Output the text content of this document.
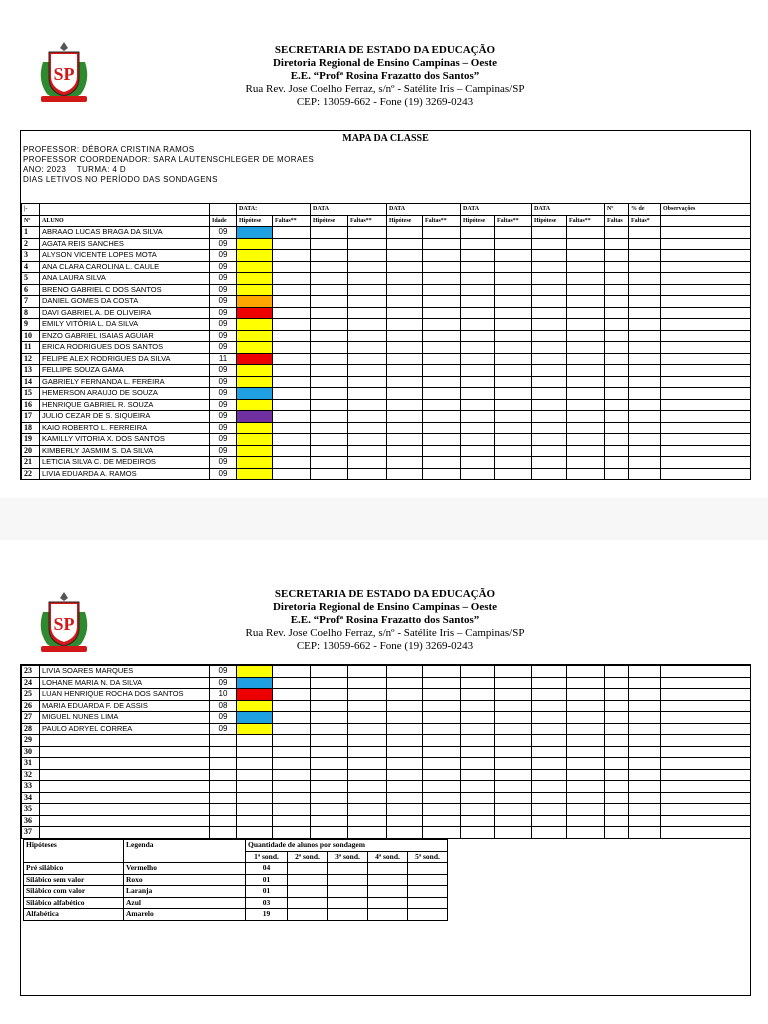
SP
SECRETARIA DE ESTADO DA EDUCAÇÃO
Diretoria Regional de Ensino Campinas – Oeste
E.E. “Profª Rosina Frazatto dos Santos”
Rua Rev. Jose Coelho Ferraz, s/nº - Satélite Iris – Campinas/SP
CEP: 13059-662 - Fone (19) 3269-0243
MAPA DA CLASSE
PROFESSOR: DÉBORA CRISTINA RAMOS
PROFESSOR COORDENADOR: SARA LAUTENSCHLEGER DE MORAES
ANO: 2023 TURMA: 4 D
DIAS LETIVOS NO PERÍODO DAS SONDAGENS
|-			DATA:		DATA		DATA		DATA		DATA		Nº	% de	Observações
Nº	ALUNO	Idade	Hipótese	Faltas**	Hipótese	Faltas**	Hipótese	Faltas**	Hipótese	Faltas**	Hipótese	Faltas**	Faltas	Faltas*	
1	ABRAAO LUCAS BRAGA DA SILVA	09													
2	AGATA REIS SANCHES	09													
3	ALYSON VICENTE LOPES MOTA	09													
4	ANA CLARA CAROLINA L. CAULE	09													
5	ANA LAURA SILVA	09													
6	BRENO GABRIEL C DOS SANTOS	09													
7	DANIEL GOMES DA COSTA	09													
8	DAVI GABRIEL A. DE OLIVEIRA	09													
9	EMILY VITÓRIA L. DA SILVA	09													
10	ENZO GABRIEL ISAIAS AGUIAR	09													
11	ERICA RODRIGUES DOS SANTOS	09													
12	FELIPE ALEX RODRIGUES DA SILVA	11													
13	FELLIPE SOUZA GAMA	09													
14	GABRIELY FERNANDA L. FEREIRA	09													
15	HEMERSON ARAUJO DE SOUZA	09													
16	HENRIQUE GABRIEL R. SOUZA	09													
17	JULIO CEZAR DE S. SIQUEIRA	09													
18	KAIO ROBERTO L. FERREIRA	09													
19	KAMILLY VITORIA X. DOS SANTOS	09													
20	KIMBERLY JASMIM S. DA SILVA	09													
21	LETICIA SILVA C. DE MEDEIROS	09													
22	LIVIA EDUARDA A. RAMOS	09													
SP
SECRETARIA DE ESTADO DA EDUCAÇÃO
Diretoria Regional de Ensino Campinas – Oeste
E.E. “Profª Rosina Frazatto dos Santos”
Rua Rev. Jose Coelho Ferraz, s/nº - Satélite Iris – Campinas/SP
CEP: 13059-662 - Fone (19) 3269-0243
23	LIVIA SOARES MARQUES	09													
24	LOHANE MARIA N. DA SILVA	09													
25	LUAN HENRIQUE ROCHA DOS SANTOS	10													
26	MARIA EDUARDA F. DE ASSIS	08													
27	MIGUEL NUNES LIMA	09													
28	PAULO ADRYEL CORREA	09													
29															
30															
31															
32															
33															
34															
35															
36															
37															
Hipóteses	Legenda	Quantidade de alunos por sondagem				
		1ª sond.	2ª sond.	3ª sond.	4ª sond.	5ª sond.
Pré silábico	Vermelho	04				
Silábico sem valor	Roxo	01				
Silábico com valor	Laranja	01				
Silábico alfabético	Azul	03				
Alfabética	Amarelo	19				
